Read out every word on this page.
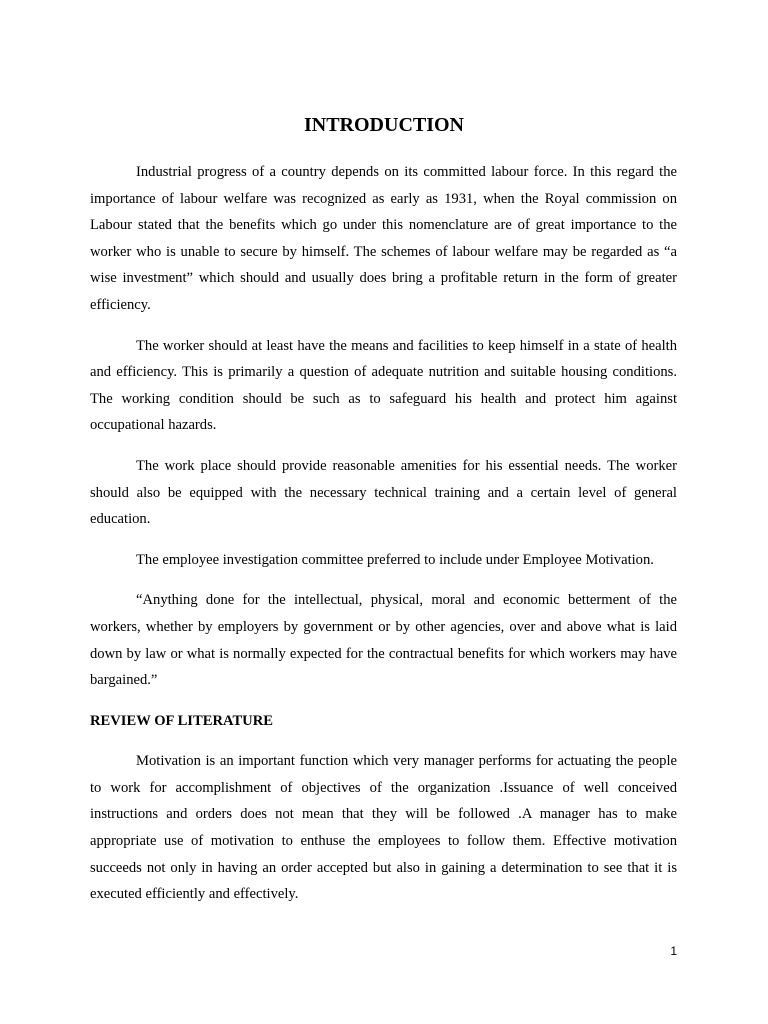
INTRODUCTION

Industrial progress of a country depends on its committed labour force. In this regard the importance of labour welfare was recognized as early as 1931, when the Royal commission on Labour stated that the benefits which go under this nomenclature are of great importance to the worker who is unable to secure by himself. The schemes of labour welfare may be regarded as “a wise investment” which should and usually does bring a profitable return in the form of greater efficiency.

The worker should at least have the means and facilities to keep himself in a state of health and efficiency. This is primarily a question of adequate nutrition and suitable housing conditions. The working condition should be such as to safeguard his health and protect him against occupational hazards.

The work place should provide reasonable amenities for his essential needs. The worker should also be equipped with the necessary technical training and a certain level of general education.

The employee investigation committee preferred to include under Employee Motivation.

“Anything done for the intellectual, physical, moral and economic betterment of the workers, whether by employers by government or by other agencies, over and above what is laid down by law or what is normally expected for the contractual benefits for which workers may have bargained.”

REVIEW OF LITERATURE

Motivation is an important function which very manager performs for actuating the people to work for accomplishment of objectives of the organization .Issuance of well conceived instructions and orders does not mean that they will be followed .A manager has to make appropriate use of motivation to enthuse the employees to follow them. Effective motivation succeeds not only in having an order accepted but also in gaining a determination to see that it is executed efficiently and effectively.

1
